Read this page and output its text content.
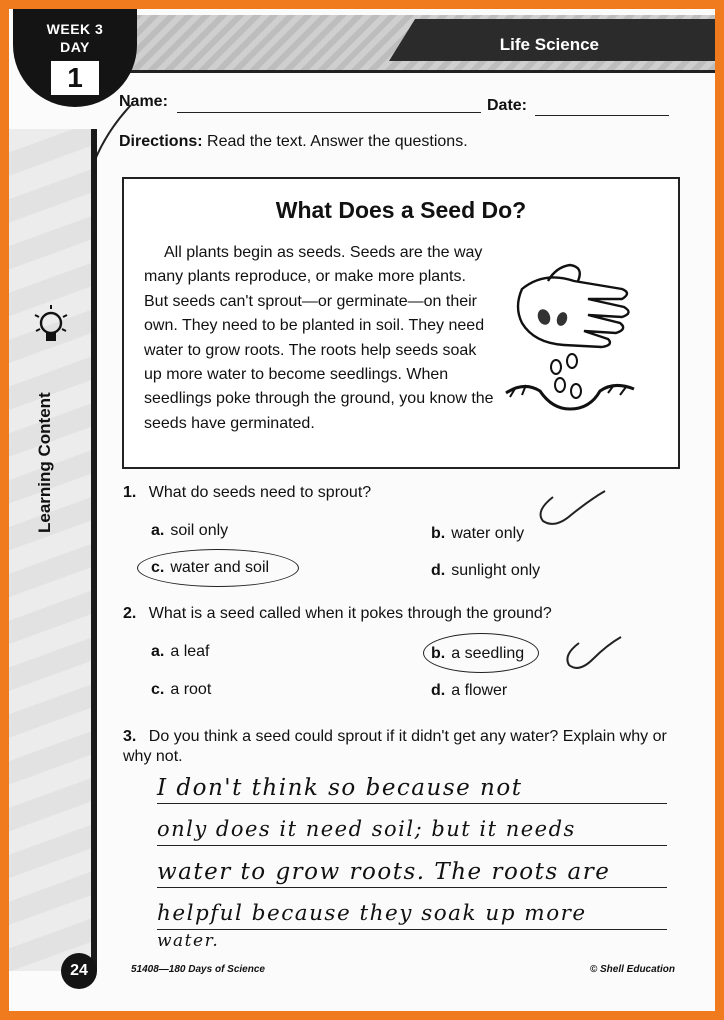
Life Science
WEEK 3
DAY
1
Learning Content
Name:	Date:
Directions: Read the text. Answer the questions.
What Does a Seed Do?
All plants begin as seeds. Seeds are the way many plants reproduce, or make more plants. But seeds can't sprout—or germinate—on their own. They need to be planted in soil. They need water to grow roots. The roots help seeds soak up more water to become seedlings. When seedlings poke through the ground, you know the seeds have germinated.
1. What do seeds need to sprout?
a. soil only	b. water only
c. water and soil	d. sunlight only
2. What is a seed called when it pokes through the ground?
a. a leaf	b. a seedling
c. a root	d. a flower
3. Do you think a seed could sprout if it didn't get any water? Explain why or why not.
I don't think so because not
only does it need soil; but it needs
water to grow roots. The roots are
helpful because they soak up more
water.
24	51408—180 Days of Science	© Shell Education
